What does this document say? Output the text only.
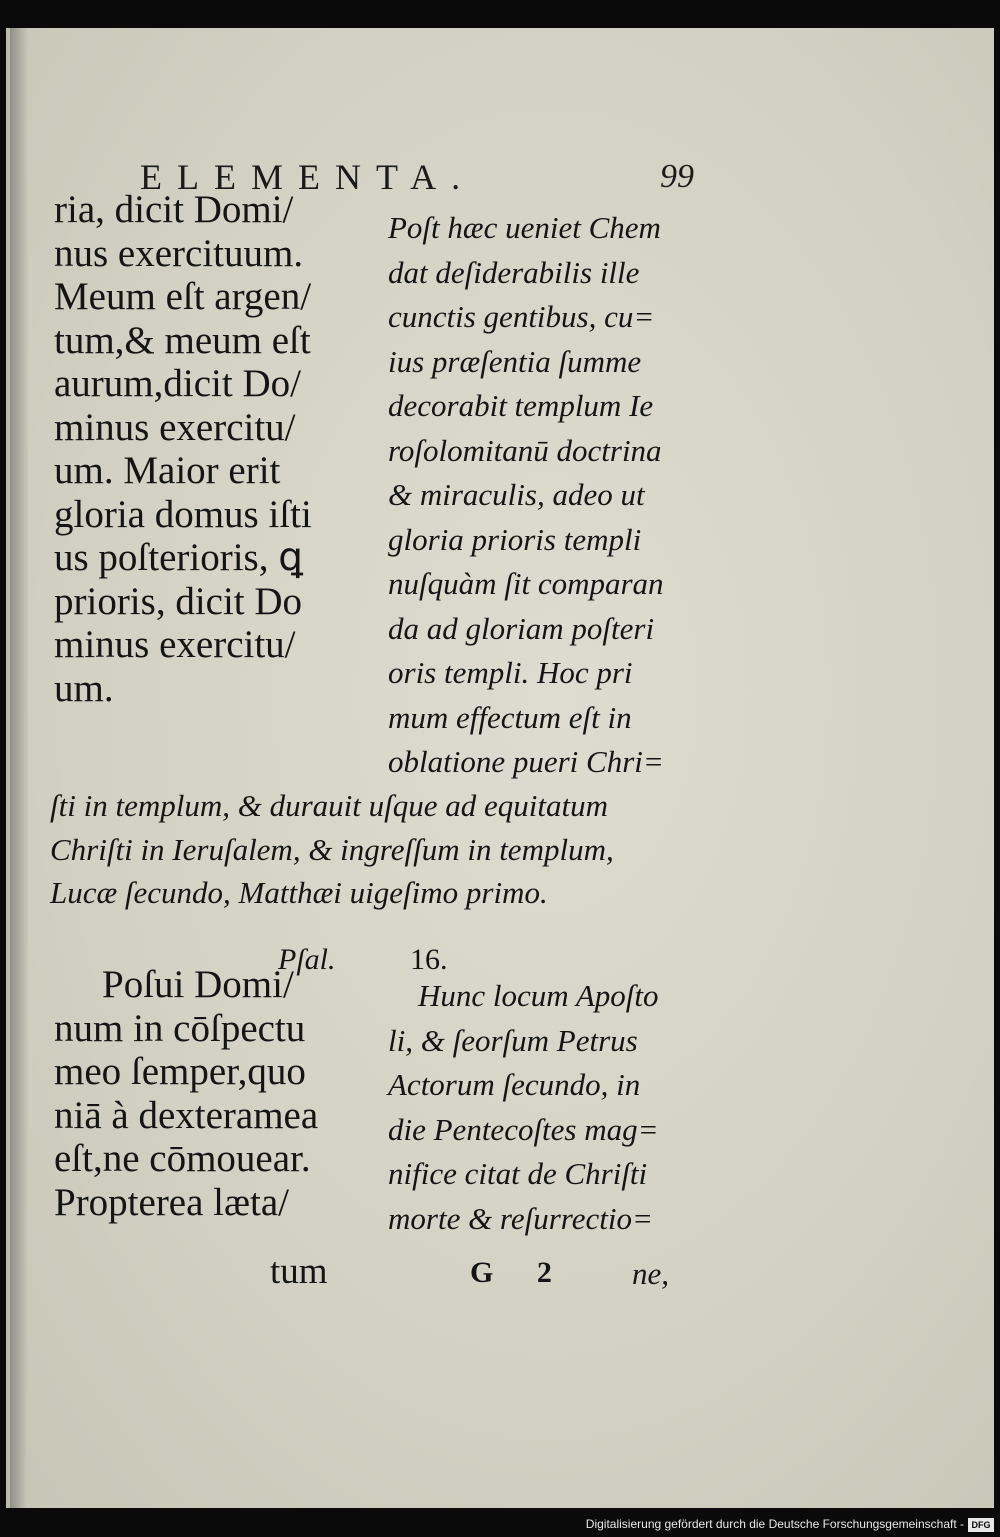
ELEMENTA.	99
ria, dicit Domi/
nus exercituum.
Meum eſt argen/
tum,& meum eſt
aurum,dicit Do/
minus exercitu/
um. Maior erit
gloria domus iſti
us poſterioris, ꝗ
prioris, dicit Do
minus exercitu/
um.
Poſt hæc ueniet Chem
dat deſiderabilis ille
cunctis gentibus, cu=
ius præſentia ſumme
decorabit templum Ie
roſolomitanū doctrina
& miraculis, adeo ut
gloria prioris templi
nuſquàm ſit comparan
da ad gloriam poſteri
oris templi. Hoc pri
mum effectum eſt in
oblatione pueri Chri=
ſti in templum, & durauit uſque ad equitatum
Chriſti in Ieruſalem, & ingreſſum in templum,
Lucæ ſecundo, Matthæi uigeſimo primo.
Pſal. 16.
Poſui Domi/
num in cōſpectu
meo ſemper,quo
niā à dexteramea
eſt,ne cōmouear.
Propterea læta/
Hunc locum Apoſto
li, & ſeorſum Petrus
Actorum ſecundo, in
die Pentecoſtes mag=
nifice citat de Chriſti
morte & reſurrectio=
tum	G 2 ne,
Digitalisierung gefördert durch die Deutsche Forschungsgemeinschaft - DFG
